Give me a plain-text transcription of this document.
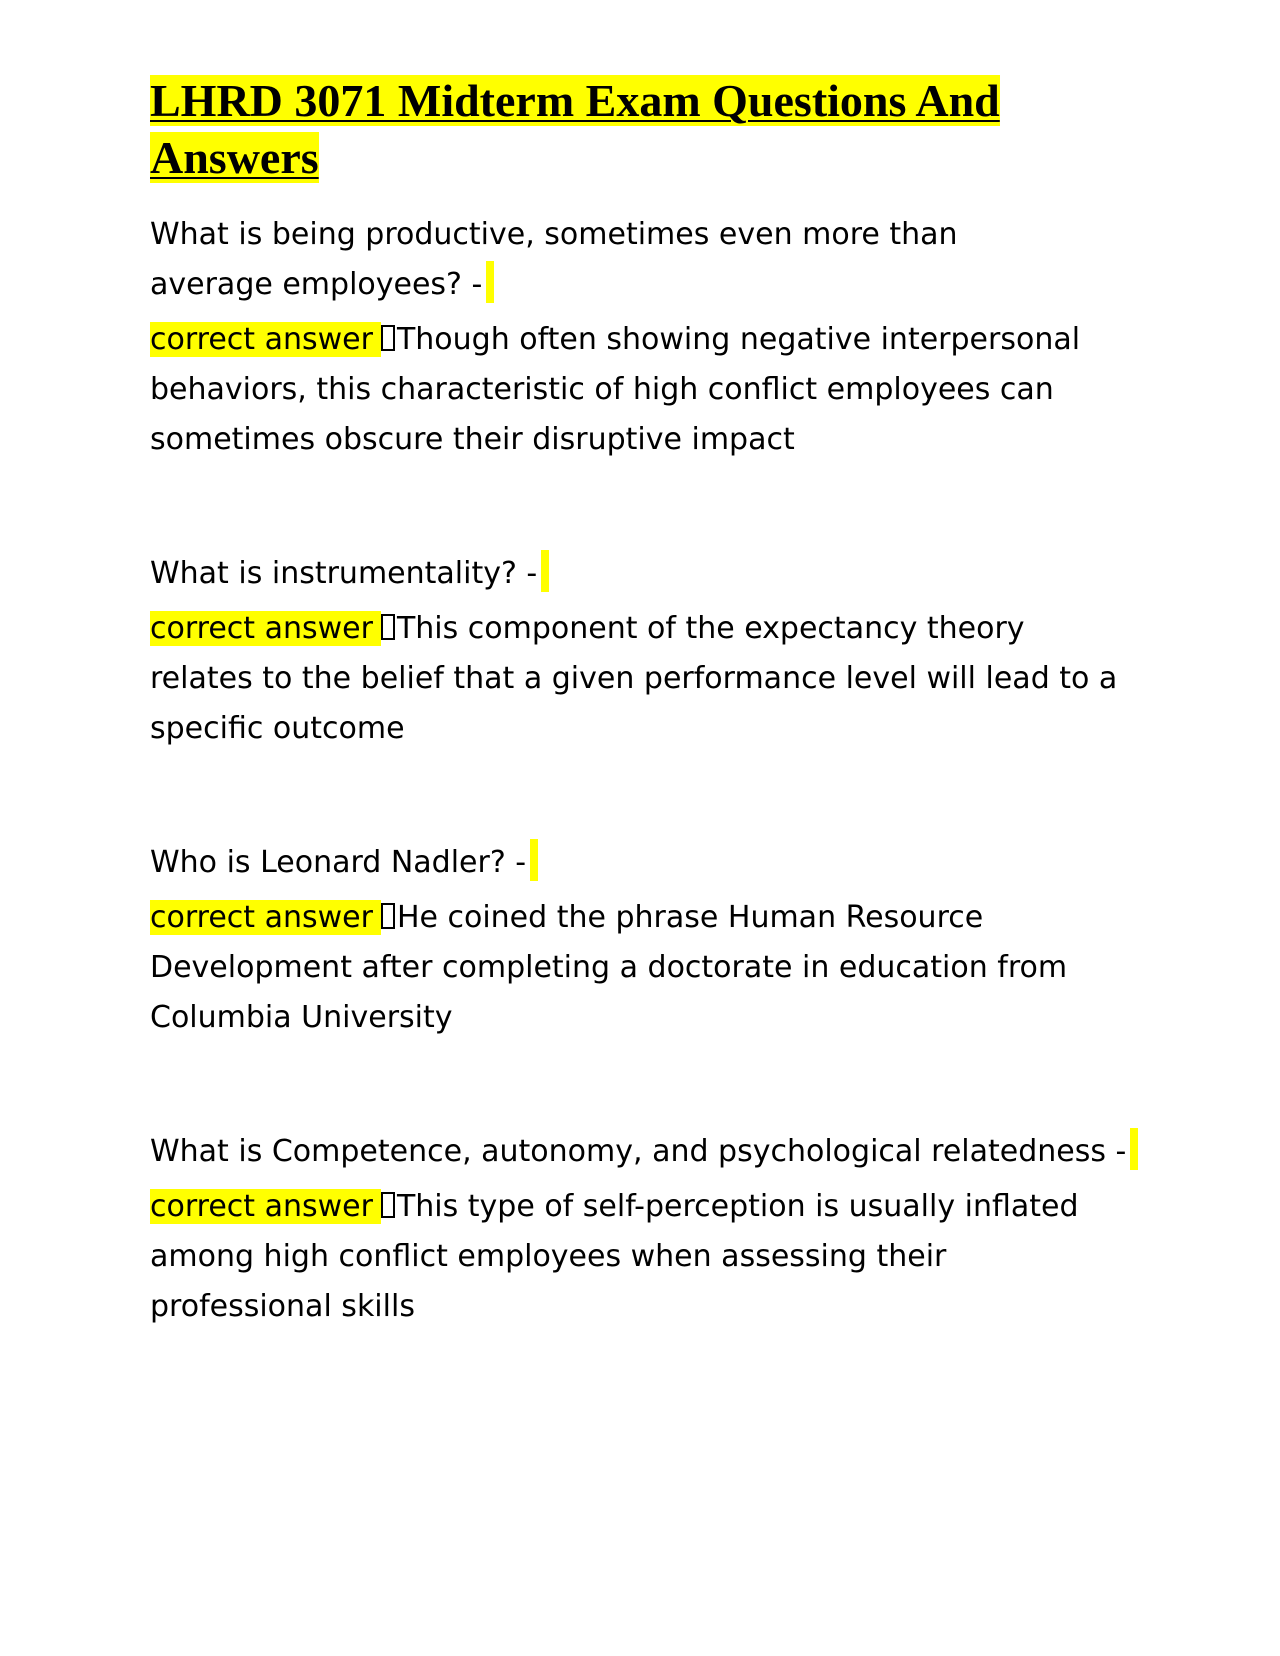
LHRD 3071 Midterm Exam Questions And Answers

What is being productive, sometimes even more than average employees? -

correct answer Though often showing negative interpersonal behaviors, this characteristic of high conflict employees can sometimes obscure their disruptive impact

What is instrumentality? -

correct answer This component of the expectancy theory relates to the belief that a given performance level will lead to a specific outcome

Who is Leonard Nadler? -

correct answer He coined the phrase Human Resource Development after completing a doctorate in education from Columbia University

What is Competence, autonomy, and psychological relatedness -

correct answer This type of self-perception is usually inflated among high conflict employees when assessing their professional skills
